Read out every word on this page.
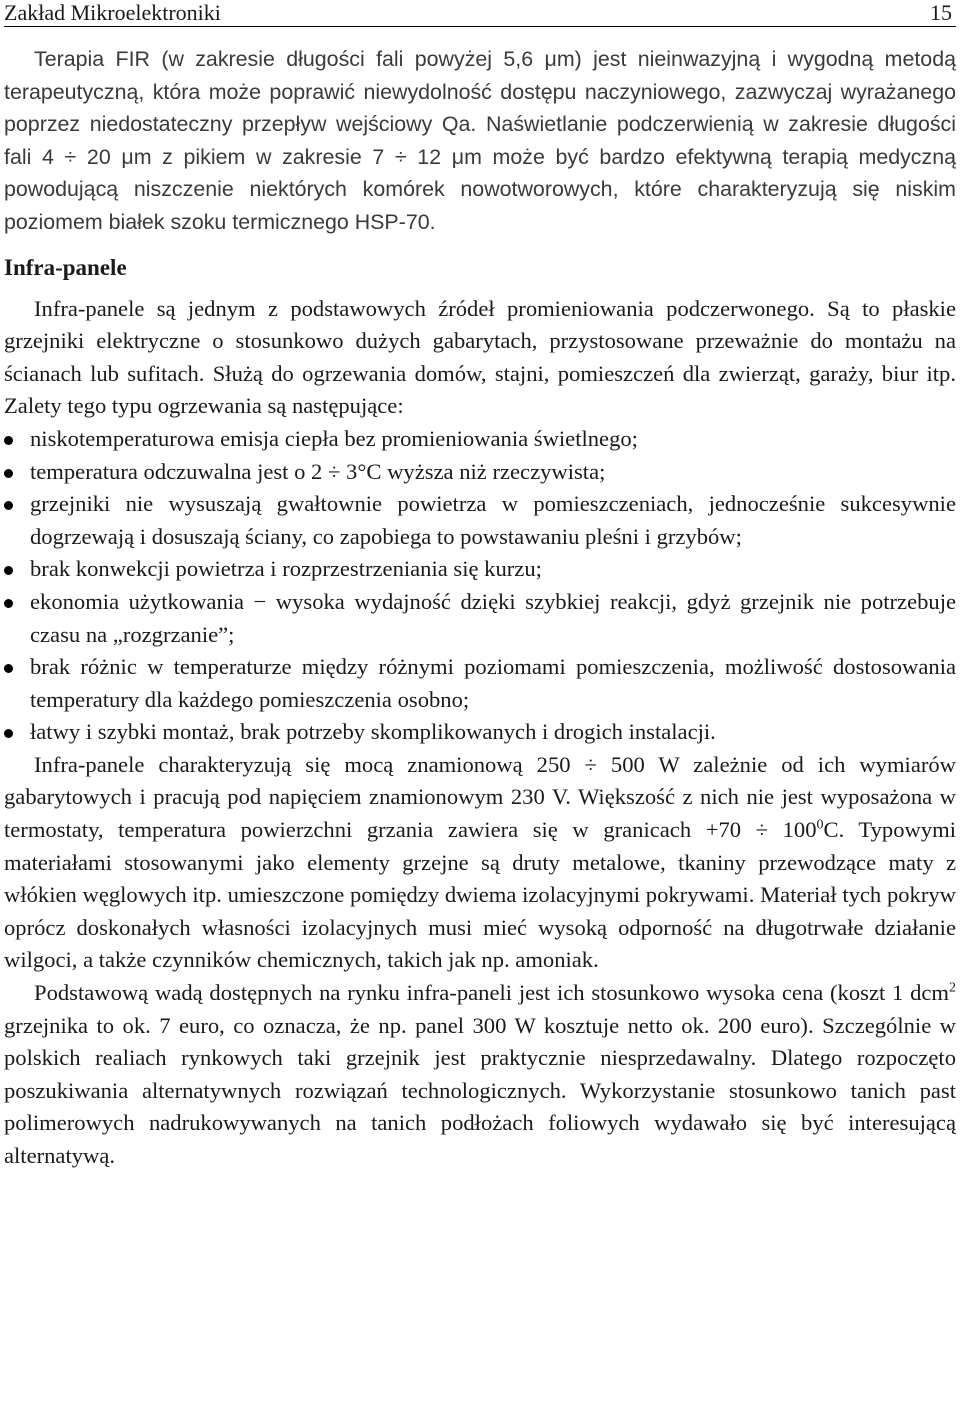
Zakład Mikroelektroniki	15

Terapia FIR (w zakresie długości fali powyżej 5,6 μm) jest nieinwazyjną i wygodną metodą terapeutyczną, która może poprawić niewydolność dostępu naczyniowego, zazwyczaj wyrażanego poprzez niedostateczny przepływ wejściowy Qa. Naświetlanie podczerwienią w zakresie długości fali 4 ÷ 20 μm z pikiem w zakresie 7 ÷ 12 μm może być bardzo efektywną terapią medyczną powodującą niszczenie niektórych komórek nowotworowych, które charakteryzują się niskim poziomem białek szoku termicznego HSP-70.

Infra-panele

Infra-panele są jednym z podstawowych źródeł promieniowania podczerwonego. Są to płaskie grzejniki elektryczne o stosunkowo dużych gabarytach, przystosowane przeważnie do montażu na ścianach lub sufitach. Służą do ogrzewania domów, stajni, pomieszczeń dla zwierząt, garaży, biur itp. Zalety tego typu ogrzewania są następujące:

niskotemperaturowa emisja ciepła bez promieniowania świetlnego;
temperatura odczuwalna jest o 2 ÷ 3°C wyższa niż rzeczywista;
grzejniki nie wysuszają gwałtownie powietrza w pomieszczeniach, jednocześnie sukcesywnie dogrzewają i dosuszają ściany, co zapobiega to powstawaniu pleśni i grzybów;
brak konwekcji powietrza i rozprzestrzeniania się kurzu;
ekonomia użytkowania − wysoka wydajność dzięki szybkiej reakcji, gdyż grzejnik nie potrzebuje czasu na „rozgrzanie”;
brak różnic w temperaturze między różnymi poziomami pomieszczenia, możliwość dostosowania temperatury dla każdego pomieszczenia osobno;
łatwy i szybki montaż, brak potrzeby skomplikowanych i drogich instalacji.

Infra-panele charakteryzują się mocą znamionową 250 ÷ 500 W zależnie od ich wymiarów gabarytowych i pracują pod napięciem znamionowym 230 V. Większość z nich nie jest wyposażona w termostaty, temperatura powierzchni grzania zawiera się w granicach $+70 \div 100^0C$. Typowymi materiałami stosowanymi jako elementy grzejne są druty metalowe, tkaniny przewodzące maty z włókien węglowych itp. umieszczone pomiędzy dwiema izolacyjnymi pokrywami. Materiał tych pokryw oprócz doskonałych własności izolacyjnych musi mieć wysoką odporność na długotrwałe działanie wilgoci, a także czynników chemicznych, takich jak np. amoniak.

Podstawową wadą dostępnych na rynku infra-paneli jest ich stosunkowo wysoka cena (koszt 1 dcm$^2$ grzejnika to ok. 7 euro, co oznacza, że np. panel 300 W kosztuje netto ok. 200 euro). Szczególnie w polskich realiach rynkowych taki grzejnik jest praktycznie niesprzedawalny. Dlatego rozpoczęto poszukiwania alternatywnych rozwiązań technologicznych. Wykorzystanie stosunkowo tanich past polimerowych nadrukowywanych na tanich podłożach foliowych wydawało się być interesującą alternatywą.
